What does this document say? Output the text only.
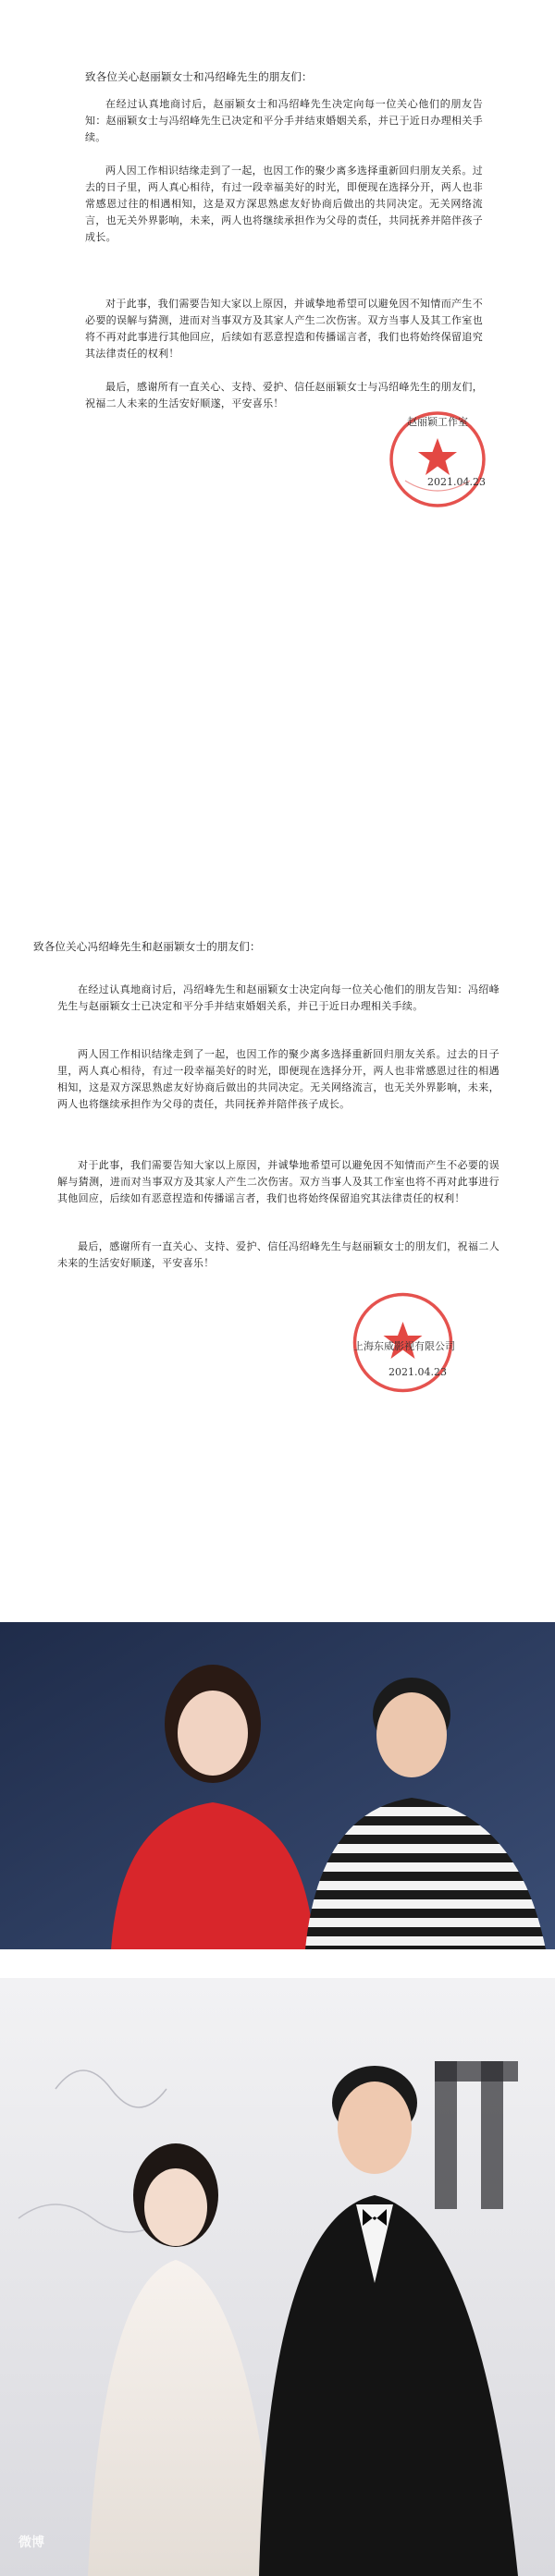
致各位关心赵丽颖女士和冯绍峰先生的朋友们：
在经过认真地商讨后，赵丽颖女士和冯绍峰先生决定向每一位关心他们的朋友告知：赵丽颖女士与冯绍峰先生已决定和平分手并结束婚姻关系，并已于近日办理相关手续。
两人因工作相识结缘走到了一起，也因工作的聚少离多选择重新回归朋友关系。过去的日子里，两人真心相待，有过一段幸福美好的时光，即便现在选择分开，两人也非常感恩过往的相遇相知，这是双方深思熟虑友好协商后做出的共同决定。无关网络流言，也无关外界影响，未来，两人也将继续承担作为父母的责任，共同抚养并陪伴孩子成长。
对于此事，我们需要告知大家以上原因，并诚挚地希望可以避免因不知情而产生不必要的误解与猜测，进而对当事双方及其家人产生二次伤害。双方当事人及其工作室也将不再对此事进行其他回应，后续如有恶意捏造和传播谣言者，我们也将始终保留追究其法律责任的权利！
最后，感谢所有一直关心、支持、爱护、信任赵丽颖女士与冯绍峰先生的朋友们，祝福二人未来的生活安好顺遂，平安喜乐！
赵丽颖工作室
2021.04.23
致各位关心冯绍峰先生和赵丽颖女士的朋友们：
在经过认真地商讨后，冯绍峰先生和赵丽颖女士决定向每一位关心他们的朋友告知：冯绍峰先生与赵丽颖女士已决定和平分手并结束婚姻关系，并已于近日办理相关手续。
两人因工作相识结缘走到了一起，也因工作的聚少离多选择重新回归朋友关系。过去的日子里，两人真心相待，有过一段幸福美好的时光，即便现在选择分开，两人也非常感恩过往的相遇相知，这是双方深思熟虑友好协商后做出的共同决定。无关网络流言，也无关外界影响，未来，两人也将继续承担作为父母的责任，共同抚养并陪伴孩子成长。
对于此事，我们需要告知大家以上原因，并诚挚地希望可以避免因不知情而产生不必要的误解与猜测，进而对当事双方及其家人产生二次伤害。双方当事人及其工作室也将不再对此事进行其他回应，后续如有恶意捏造和传播谣言者，我们也将始终保留追究其法律责任的权利！
最后，感谢所有一直关心、支持、爱护、信任冯绍峰先生与赵丽颖女士的朋友们，祝福二人未来的生活安好顺遂，平安喜乐！
上海东威影视有限公司
2021.04.23
微博
